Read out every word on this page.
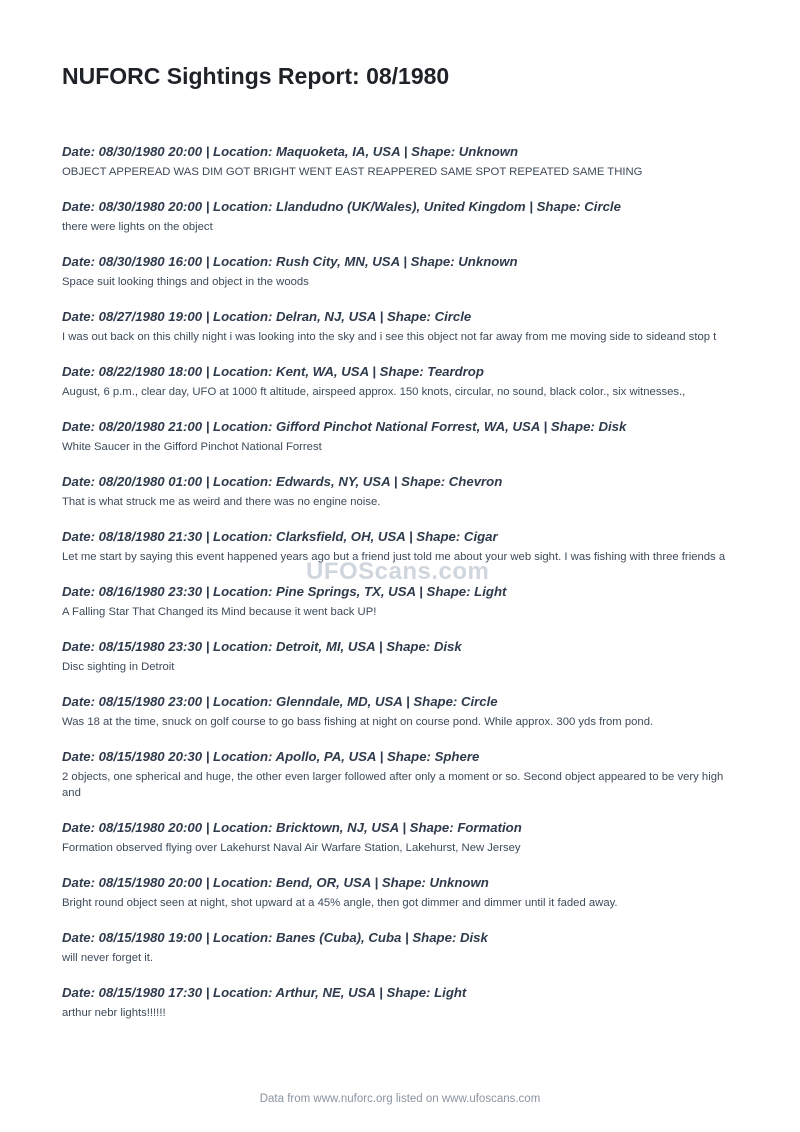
NUFORC Sightings Report: 08/1980
Date: 08/30/1980 20:00 | Location: Maquoketa, IA, USA | Shape: Unknown
OBJECT APPEREAD WAS DIM GOT BRIGHT WENT EAST REAPPERED SAME SPOT REPEATED SAME THING
Date: 08/30/1980 20:00 | Location: Llandudno (UK/Wales), United Kingdom | Shape: Circle
there were lights on the object
Date: 08/30/1980 16:00 | Location: Rush City, MN, USA | Shape: Unknown
Space suit looking things and object in the woods
Date: 08/27/1980 19:00 | Location: Delran, NJ, USA | Shape: Circle
I was out back on this chilly night i was looking into the sky and i see this object not far away from me moving side to sideand stop t
Date: 08/22/1980 18:00 | Location: Kent, WA, USA | Shape: Teardrop
August, 6 p.m., clear day, UFO at 1000 ft altitude, airspeed approx. 150 knots, circular, no sound, black color., six witnesses.,
Date: 08/20/1980 21:00 | Location: Gifford Pinchot National Forrest, WA, USA | Shape: Disk
White Saucer in the Gifford Pinchot National Forrest
Date: 08/20/1980 01:00 | Location: Edwards, NY, USA | Shape: Chevron
That is what struck me as weird and there was no engine noise.
Date: 08/18/1980 21:30 | Location: Clarksfield, OH, USA | Shape: Cigar
Let me start by saying this event happened years ago but a friend just told me about your web sight. I was fishing with three friends a
Date: 08/16/1980 23:30 | Location: Pine Springs, TX, USA | Shape: Light
A Falling Star That Changed its Mind because it went back UP!
Date: 08/15/1980 23:30 | Location: Detroit, MI, USA | Shape: Disk
Disc sighting in Detroit
Date: 08/15/1980 23:00 | Location: Glenndale, MD, USA | Shape: Circle
Was 18 at the time, snuck on golf course to go bass fishing at night on course pond. While approx. 300 yds from pond.
Date: 08/15/1980 20:30 | Location: Apollo, PA, USA | Shape: Sphere
2 objects, one spherical and huge, the other even larger followed after only a moment or so. Second object appeared to be very high and
Date: 08/15/1980 20:00 | Location: Bricktown, NJ, USA | Shape: Formation
Formation observed flying over Lakehurst Naval Air Warfare Station, Lakehurst, New Jersey
Date: 08/15/1980 20:00 | Location: Bend, OR, USA | Shape: Unknown
Bright round object seen at night, shot upward at a 45% angle, then got dimmer and dimmer until it faded away.
Date: 08/15/1980 19:00 | Location: Banes (Cuba), Cuba | Shape: Disk
will never forget it.
Date: 08/15/1980 17:30 | Location: Arthur, NE, USA | Shape: Light
arthur nebr lights!!!!!!
UFOScans.com
Data from www.nuforc.org listed on www.ufoscans.com
